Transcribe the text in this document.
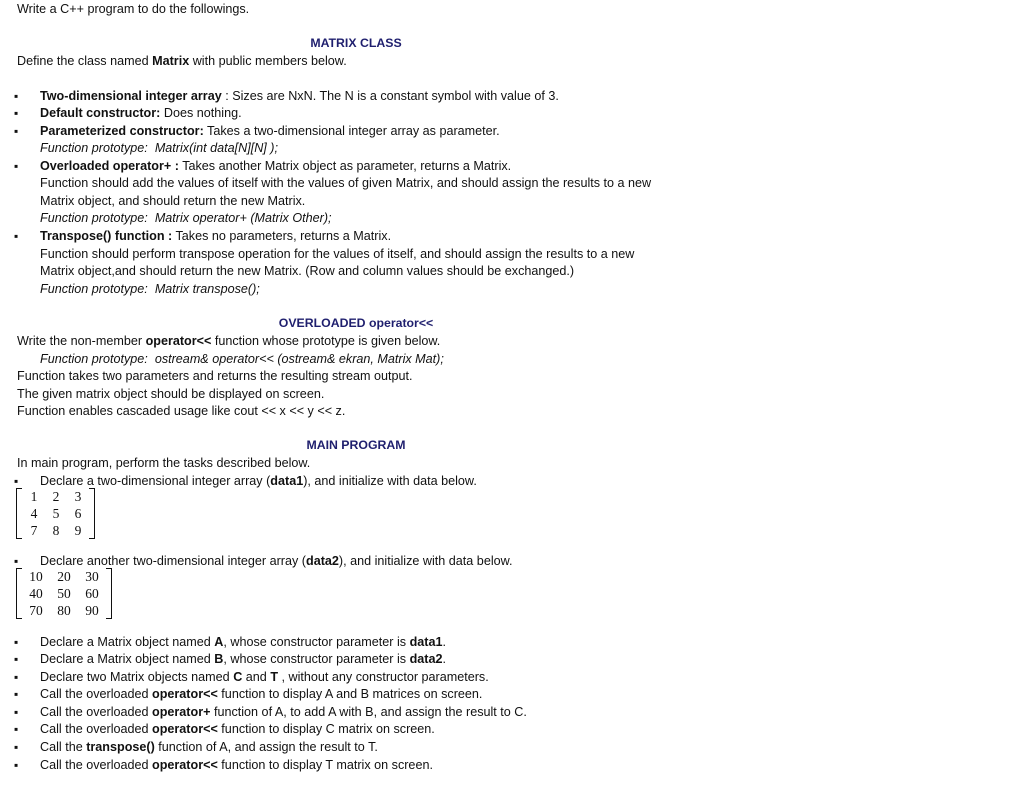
Write a C++ program to do the followings.
MATRIX CLASS
Define the class named Matrix with public members below.
▪	Two-dimensional integer array : Sizes are NxN. The N is a constant symbol with value of 3.
▪	Default constructor: Does nothing.
▪	Parameterized constructor: Takes a two-dimensional integer array as parameter.
Function prototype: Matrix(int data[N][N] );
▪	Overloaded operator+ : Takes another Matrix object as parameter, returns a Matrix.
Function should add the values of itself with the values of given Matrix, and should assign the results to a new
Matrix object, and should return the new Matrix.
Function prototype: Matrix operator+ (Matrix Other);
▪	Transpose() function : Takes no parameters, returns a Matrix.
Function should perform transpose operation for the values of itself, and should assign the results to a new
Matrix object,and should return the new Matrix. (Row and column values should be exchanged.)
Function prototype: Matrix transpose();
OVERLOADED operator<<
Write the non-member operator<< function whose prototype is given below.
Function prototype: ostream& operator<< (ostream& ekran, Matrix Mat);
Function takes two parameters and returns the resulting stream output.
The given matrix object should be displayed on screen.
Function enables cascaded usage like cout << x << y << z.
MAIN PROGRAM
In main program, perform the tasks described below.
▪	Declare a two-dimensional integer array (data1), and initialize with data below.
1	2	3
4	5	6
7	8	9
▪	Declare another two-dimensional integer array (data2), and initialize with data below.
10	20	30
40	50	60
70	80	90
▪	Declare a Matrix object named A, whose constructor parameter is data1.
▪	Declare a Matrix object named B, whose constructor parameter is data2.
▪	Declare two Matrix objects named C and T , without any constructor parameters.
▪	Call the overloaded operator<< function to display A and B matrices on screen.
▪	Call the overloaded operator+ function of A, to add A with B, and assign the result to C.
▪	Call the overloaded operator<< function to display C matrix on screen.
▪	Call the transpose() function of A, and assign the result to T.
▪	Call the overloaded operator<< function to display T matrix on screen.
